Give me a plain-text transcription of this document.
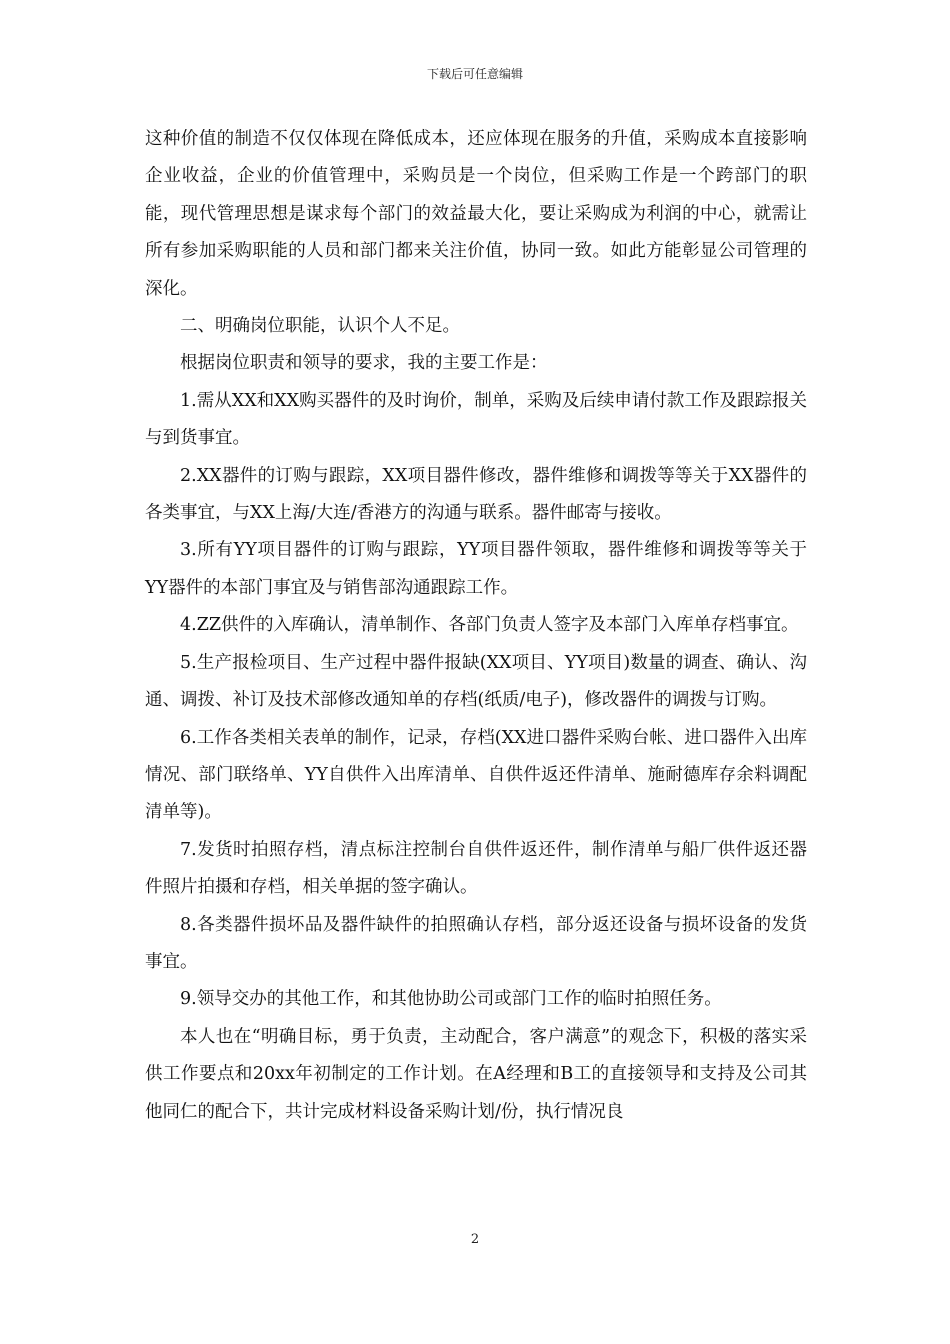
下载后可任意编辑

这种价值的制造不仅仅体现在降低成本，还应体现在服务的升值，采购成本直接影响企业收益，企业的价值管理中，采购员是一个岗位，但采购工作是一个跨部门的职能，现代管理思想是谋求每个部门的效益最大化，要让采购成为利润的中心，就需让所有参加采购职能的人员和部门都来关注价值，协同一致。如此方能彰显公司管理的深化。

二、明确岗位职能，认识个人不足。

根据岗位职责和领导的要求，我的主要工作是：

1.需从XX和XX购买器件的及时询价，制单，采购及后续申请付款工作及跟踪报关与到货事宜。

2.XX器件的订购与跟踪，XX项目器件修改，器件维修和调拨等等关于XX器件的各类事宜，与XX上海/大连/香港方的沟通与联系。器件邮寄与接收。

3.所有YY项目器件的订购与跟踪，YY项目器件领取，器件维修和调拨等等关于YY器件的本部门事宜及与销售部沟通跟踪工作。

4.ZZ供件的入库确认，清单制作、各部门负责人签字及本部门入库单存档事宜。

5.生产报检项目、生产过程中器件报缺(XX项目、YY项目)数量的调查、确认、沟通、调拨、补订及技术部修改通知单的存档(纸质/电子)，修改器件的调拨与订购。

6.工作各类相关表单的制作，记录，存档(XX进口器件采购台帐、进口器件入出库情况、部门联络单、YY自供件入出库清单、自供件返还件清单、施耐德库存余料调配清单等)。

7.发货时拍照存档，清点标注控制台自供件返还件，制作清单与船厂供件返还器件照片拍摄和存档，相关单据的签字确认。

8.各类器件损坏品及器件缺件的拍照确认存档，部分返还设备与损坏设备的发货事宜。

9.领导交办的其他工作，和其他协助公司或部门工作的临时拍照任务。

本人也在“明确目标，勇于负责，主动配合，客户满意”的观念下，积极的落实采供工作要点和20xx年初制定的工作计划。在A经理和B工的直接领导和支持及公司其他同仁的配合下，共计完成材料设备采购计划/份，执行情况良

2
